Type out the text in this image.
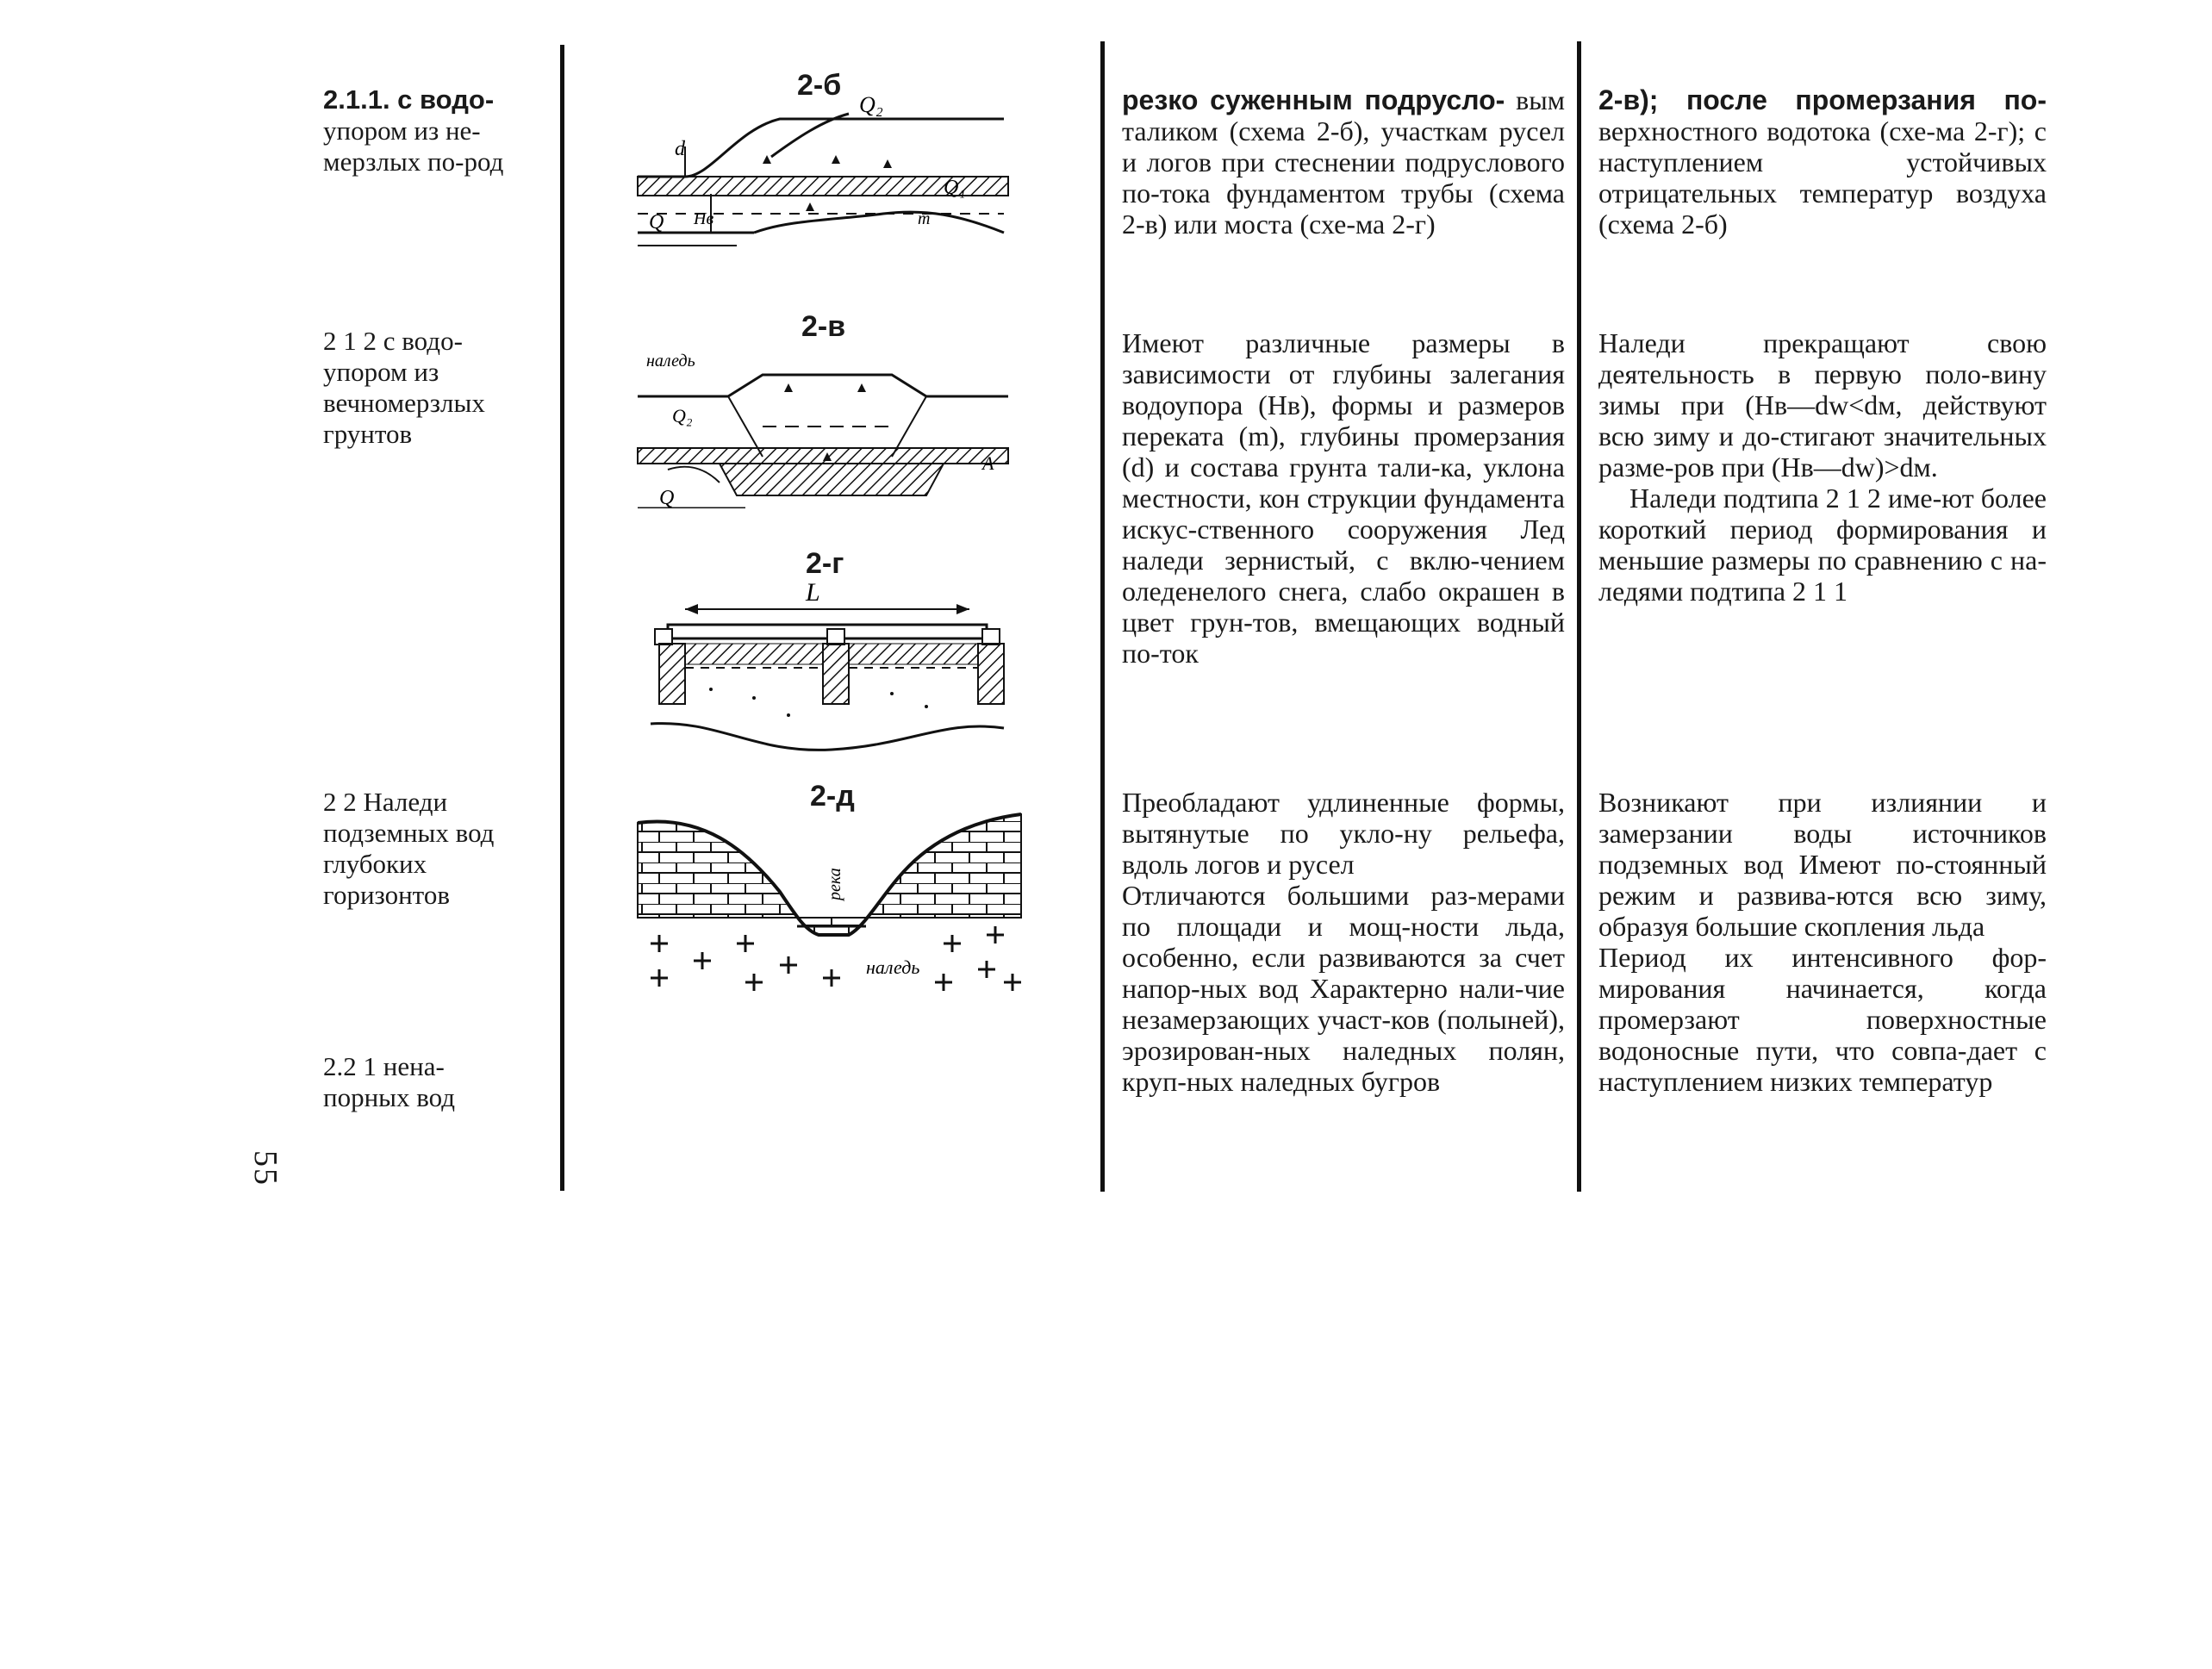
2.1.1. с водо- упором из не-мерзлых по-род
2 1 2 с водо-упором из вечномерзлых грунтов
2 2 Наледи подземных вод глубоких горизонтов
2.2 1 нена-порных вод
55
2-б
Q₂
Q₁
Q
d
Hв	m
2-в
наледь
Q₂
Q
A
2-г
L
2-д
река
наледь

резко суженным подрусло- вым таликом (схема 2-б), участкам русел и логов при стеснении подруслового по-тока фундаментом трубы (схема 2-в) или моста (схе-ма 2-г)

Имеют различные размеры в зависимости от глубины залегания водоупора (Hв), формы и размеров переката (m), глубины промерзания (d) и состава грунта тали-ка, уклона местности, кон струкции фундамента искус-ственного сооружения Лед наледи зернистый, с вклю-чением оледенелого снега, слабо окрашен в цвет грун-тов, вмещающих водный по-ток

Преобладают удлиненные формы, вытянутые по укло-ну рельефа, вдоль логов и русел

Отличаются большими раз-мерами по площади и мощ-ности льда, особенно, если развиваются за счет напор-ных вод Характерно нали-чие незамерзающих участ-ков (полыней), эрозирован-ных наледных полян, круп-ных наледных бугров

2-в); после промерзания по- верхностного водотока (схе-ма 2-г); с наступлением устойчивых отрицательных температур воздуха (схема 2-б)

Наледи прекращают свою деятельность в первую поло-вину зимы при (Hв—dw<dм, действуют всю зиму и до-стигают значительных разме-ров при (Hв—dw)>dм.

Наледи подтипа 2 1 2 име-ют более короткий период формирования и меньшие размеры по сравнению с на-ледями подтипа 2 1 1

Возникают при излиянии и замерзании воды источников подземных вод Имеют по-стоянный режим и развива-ются всю зиму, образуя большие скопления льда

Период их интенсивного фор-мирования начинается, когда промерзают поверхностные водоносные пути, что совпа-дает с наступлением низких температур
